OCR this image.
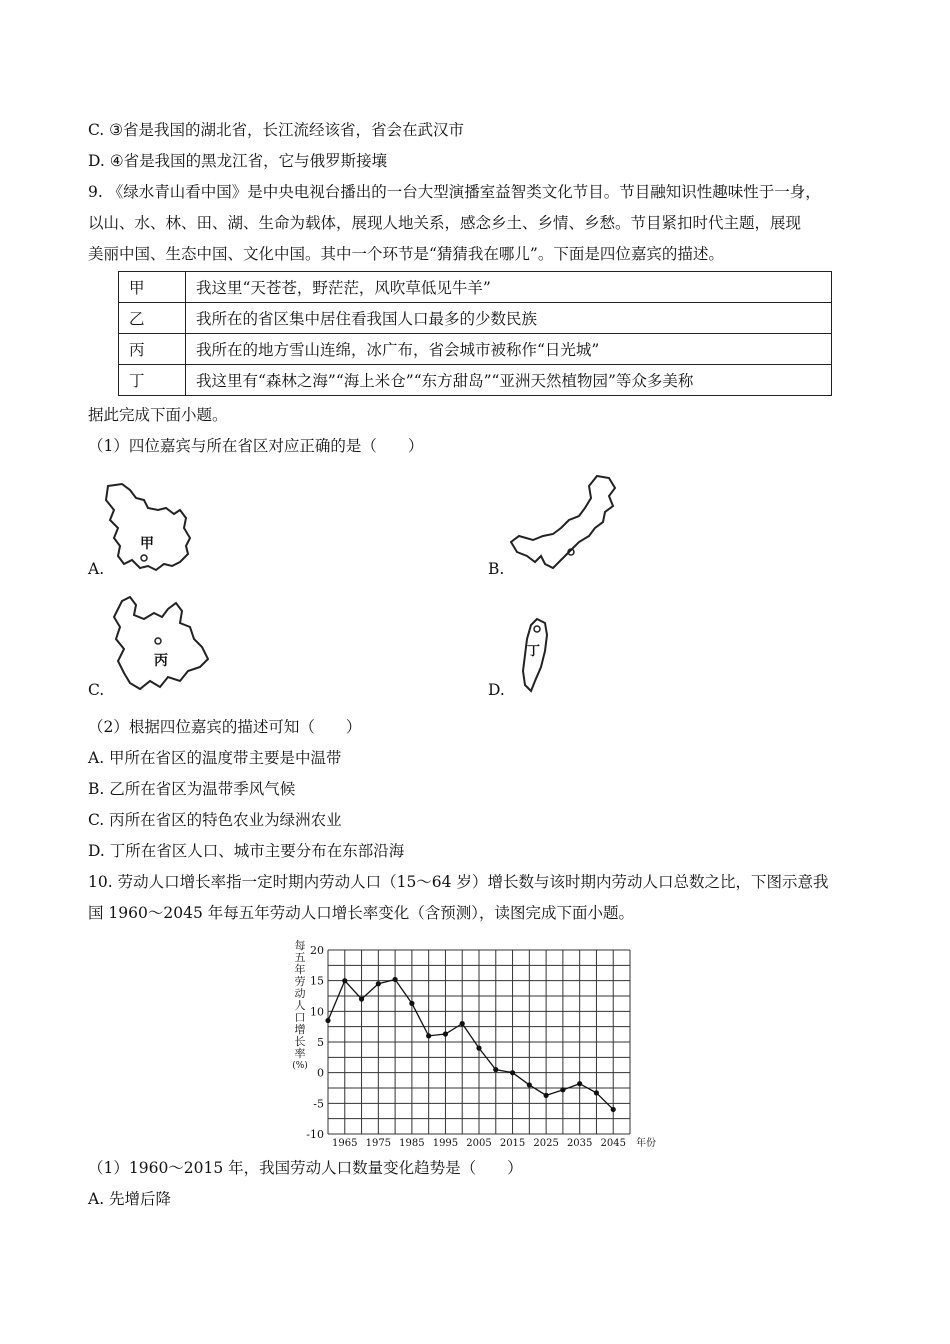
C. ③省是我国的湖北省，长江流经该省，省会在武汉市
D. ④省是我国的黑龙江省，它与俄罗斯接壤
9. 《绿水青山看中国》是中央电视台播出的一台大型演播室益智类文化节目。节目融知识性趣味性于一身，
以山、水、林、田、湖、生命为载体，展现人地关系，感念乡土、乡情、乡愁。节目紧扣时代主题，展现
美丽中国、生态中国、文化中国。其中一个环节是“猜猜我在哪儿”。下面是四位嘉宾的描述。
甲	我这里“天苍苍，野茫茫，风吹草低见牛羊”
乙	我所在的省区集中居住看我国人口最多的少数民族
丙	我所在的地方雪山连绵，冰广布，省会城市被称作“日光城”
丁	我这里有“森林之海”“海上米仓”“东方甜岛”“亚洲天然植物园”等众多美称
据此完成下面小题。
（1）四位嘉宾与所在省区对应正确的是（　　）
甲
A.	B.
丙
C.
丁
D.
（2）根据四位嘉宾的描述可知（　　）
A. 甲所在省区的温度带主要是中温带
B. 乙所在省区为温带季风气候
C. 丙所在省区的特色农业为绿洲农业
D. 丁所在省区人口、城市主要分布在东部沿海
10. 劳动人口增长率指一定时期内劳动人口（15～64 岁）增长数与该时期内劳动人口总数之比，下图示意我
国 1960～2045 年每五年劳动人口增长率变化（含预测），读图完成下面小题。
每
五
年
劳
动
人
口
增
长
率
(%)
-10
-5
0
5
10
15
20
1965 1975 1985 1995 2005 2015 2025 2035 2045 年份
（1）1960～2015 年，我国劳动人口数量变化趋势是（　　）
A. 先增后降
